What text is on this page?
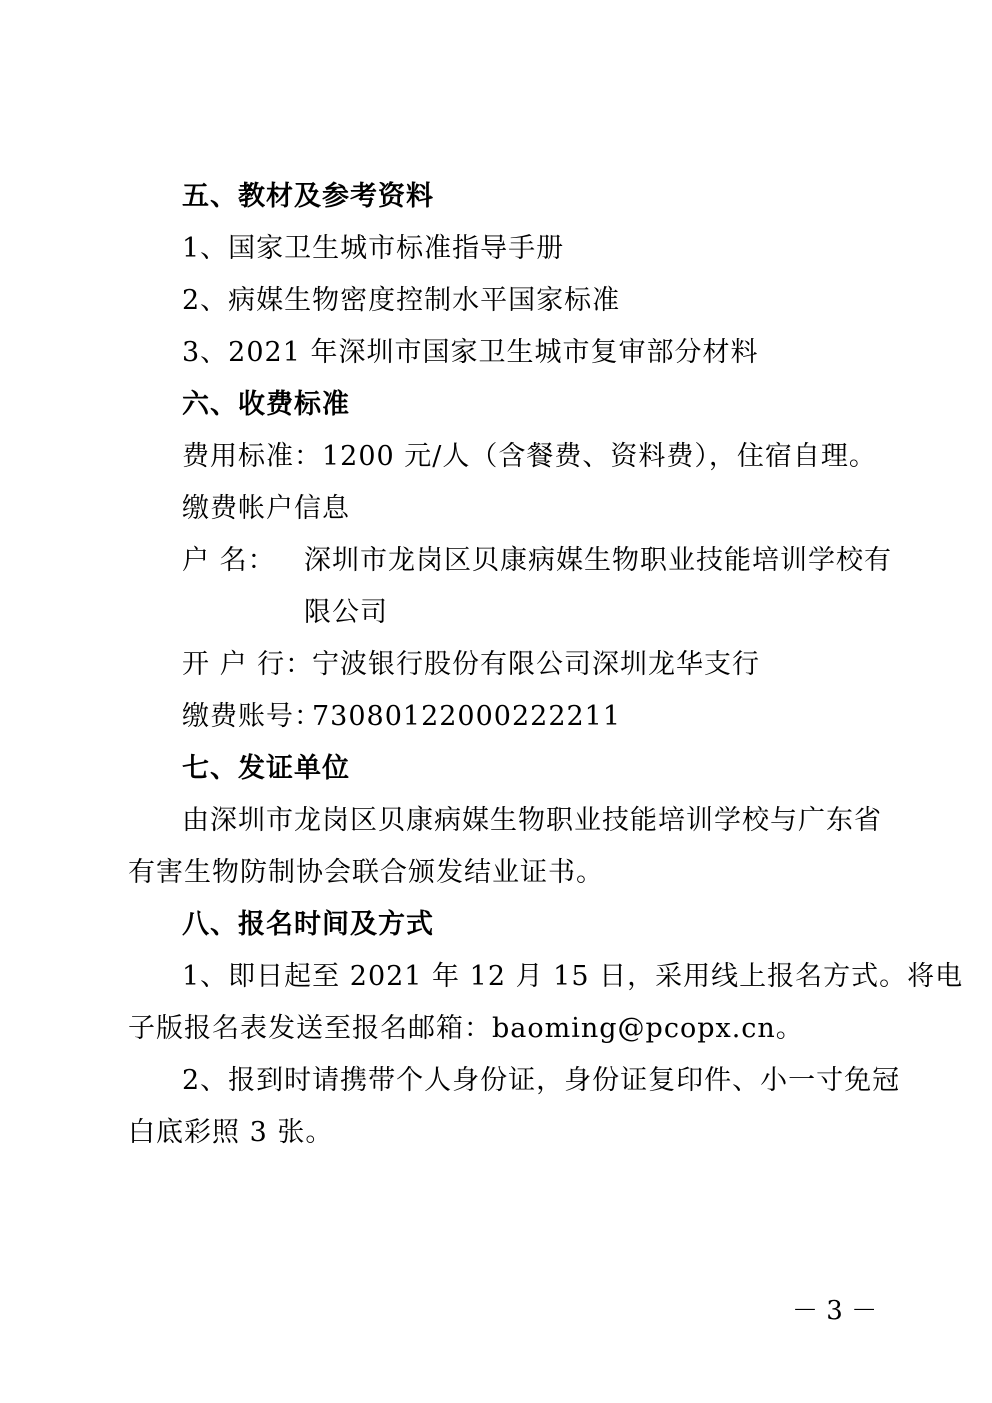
五、教材及参考资料
1、国家卫生城市标准指导手册
2、病媒生物密度控制水平国家标准
3、2021 年深圳市国家卫生城市复审部分材料
六、收费标准
费用标准：1200 元/人（含餐费、资料费），住宿自理。
缴费帐户信息
户 名： 深圳市龙岗区贝康病媒生物职业技能培训学校有
限公司
开 户 行：
宁波银行股份有限公司深圳龙华支行
缴费账号：
73080122000222211
七、发证单位
由深圳市龙岗区贝康病媒生物职业技能培训学校与广东省
有害生物防制协会联合颁发结业证书。
八、报名时间及方式
1、即日起至 2021 年 12 月 15 日，采用线上报名方式。将电
子版报名表发送至报名邮箱：baoming@pcopx.cn。
2、报到时请携带个人身份证，身份证复印件、小一寸免冠
白底彩照 3 张。
－ 3 －
